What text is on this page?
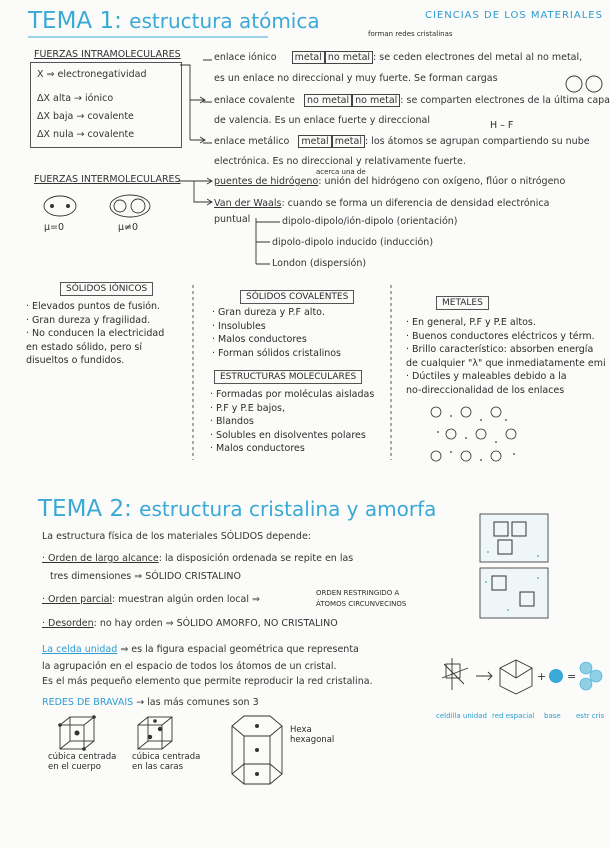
TEMA 1: estructura atómica	CIENCIAS DE LOS MATERIALES
FUERZAS INTRAMOLECULARES
X ⇒ electronegatividad
ΔX alta → iónico
ΔX baja → covalente
ΔX nula → covalente
forman redes cristalinas
enlace iónico metal no metal : se ceden electrones del metal al no metal,
es un enlace no direccional y muy fuerte. Se forman cargas
enlace covalente no metal no metal : se comparten electrones de la última capa
de valencia. Es un enlace fuerte y direccional	H – F
enlace metálico metal metal : los átomos se agrupan compartiendo su nube
electrónica. Es no direccional y relativamente fuerte.
FUERZAS INTERMOLECULARES
μ=0	μ≠0
acerca una de
puentes de hidrógeno: unión del hidrógeno con oxígeno, flúor o nitrógeno
Van der Waals: cuando se forma un diferencia de densidad electrónica
puntual	dipolo-dipolo/ión-dipolo (orientación)
dipolo-dipolo inducido (inducción)
London (dispersión)
SÓLIDOS IÓNICOS
· Elevados puntos de fusión.
· Gran dureza y fragilidad.
· No conducen la electricidad
en estado sólido, pero sí
disueltos o fundidos.
SÓLIDOS COVALENTES
· Gran dureza y P.F alto.
· Insolubles
· Malos conductores
· Forman sólidos cristalinos
ESTRUCTURAS MOLECULARES
· Formadas por moléculas aisladas
· P.F y P.E bajos,
· Blandos
· Solubles en disolventes polares
· Malos conductores
METALES
· En general, P.F y P.E altos.
· Buenos conductores eléctricos y térm.
· Brillo característico: absorben energía
de cualquier "λ" que inmediatamente emi
· Dúctiles y maleables debido a la
no-direccionalidad de los enlaces
TEMA 2: estructura cristalina y amorfa
La estructura física de los materiales SÓLIDOS depende:
· Orden de largo alcance: la disposición ordenada se repite en las
tres dimensiones ⇒ SÓLIDO CRISTALINO
· Orden parcial: muestran algún orden local ⇒
ORDEN RESTRINGIDO A
ÁTOMOS CIRCUNVECINOS
· Desorden: no hay orden ⇒ SÓLIDO AMORFO, NO CRISTALINO
La celda unidad ⇒ es la figura espacial geométrica que representa
la agrupación en el espacio de todos los átomos de un cristal.
Es el más pequeño elemento que permite reproducir la red cristalina.
REDES DE BRAVAIS → las más comunes son 3
cúbica centrada
en el cuerpo
cúbica centrada
en las caras
Hexa
hexagonal
+ =
celdilla unidad red espacial base estr cris
